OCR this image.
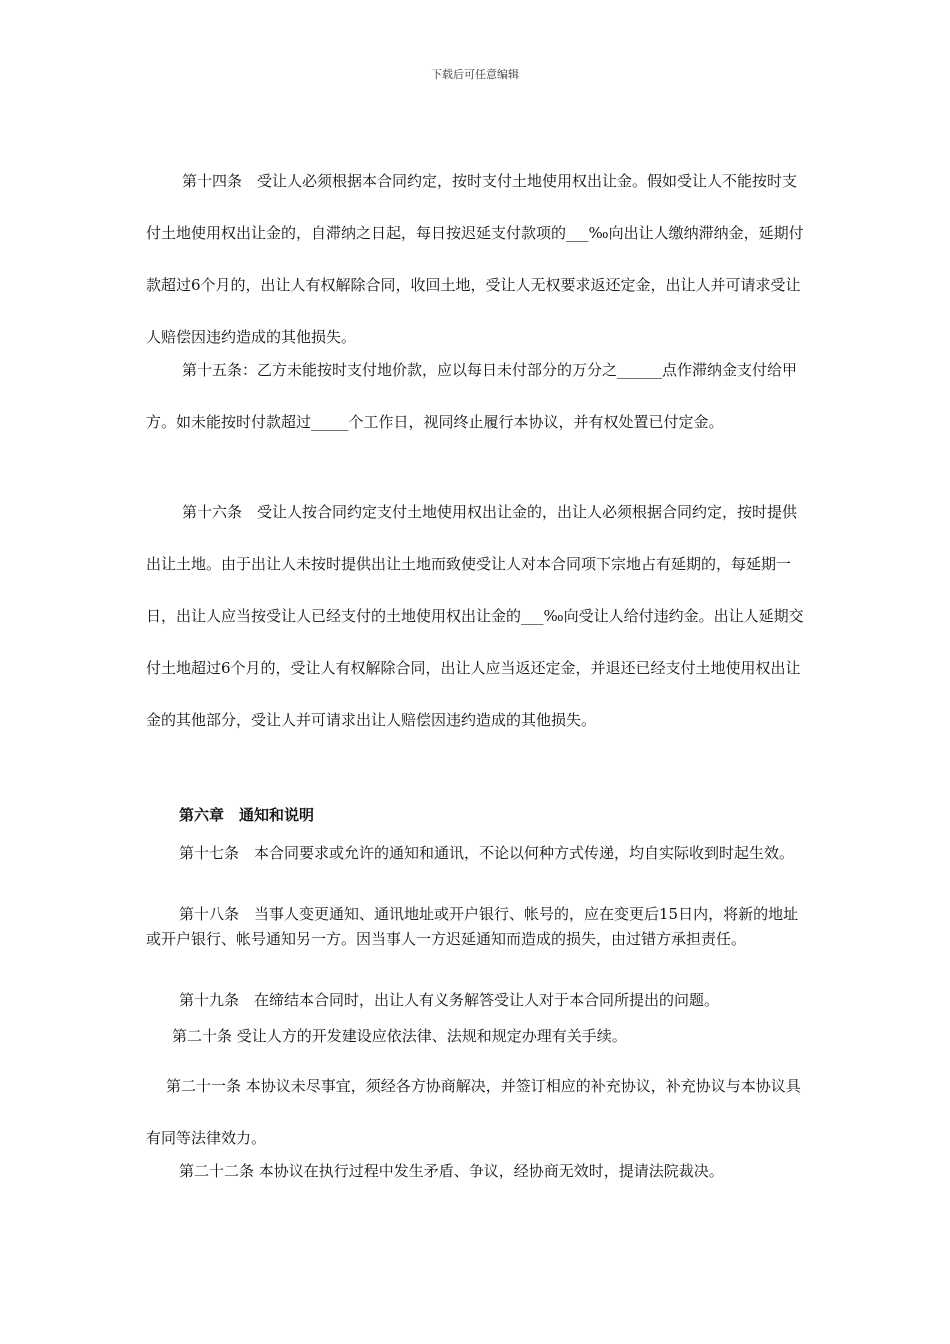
下载后可任意编辑

第十四条　受让人必须根据本合同约定，按时支付土地使用权出让金。假如受让人不能按时支付土地使用权出让金的，自滞纳之日起，每日按迟延支付款项的___‰向出让人缴纳滞纳金，延期付款超过6个月的，出让人有权解除合同，收回土地，受让人无权要求返还定金，出让人并可请求受让人赔偿因违约造成的其他损失。

第十五条：乙方未能按时支付地价款，应以每日未付部分的万分之______点作滞纳金支付给甲方。如未能按时付款超过_____个工作日，视同终止履行本协议，并有权处置已付定金。

第十六条　受让人按合同约定支付土地使用权出让金的，出让人必须根据合同约定，按时提供出让土地。由于出让人未按时提供出让土地而致使受让人对本合同项下宗地占有延期的，每延期一日，出让人应当按受让人已经支付的土地使用权出让金的___‰向受让人给付违约金。出让人延期交付土地超过6个月的，受让人有权解除合同，出让人应当返还定金，并退还已经支付土地使用权出让金的其他部分，受让人并可请求出让人赔偿因违约造成的其他损失。

第六章　通知和说明

第十七条　本合同要求或允许的通知和通讯，不论以何种方式传递，均自实际收到时起生效。

第十八条　当事人变更通知、通讯地址或开户银行、帐号的，应在变更后15日内，将新的地址或开户银行、帐号通知另一方。因当事人一方迟延通知而造成的损失，由过错方承担责任。

第十九条　在缔结本合同时，出让人有义务解答受让人对于本合同所提出的问题。

第二十条 受让人方的开发建设应依法律、法规和规定办理有关手续。

第二十一条 本协议未尽事宜，须经各方协商解决，并签订相应的补充协议，补充协议与本协议具有同等法律效力。

第二十二条 本协议在执行过程中发生矛盾、争议，经协商无效时，提请法院裁决。
